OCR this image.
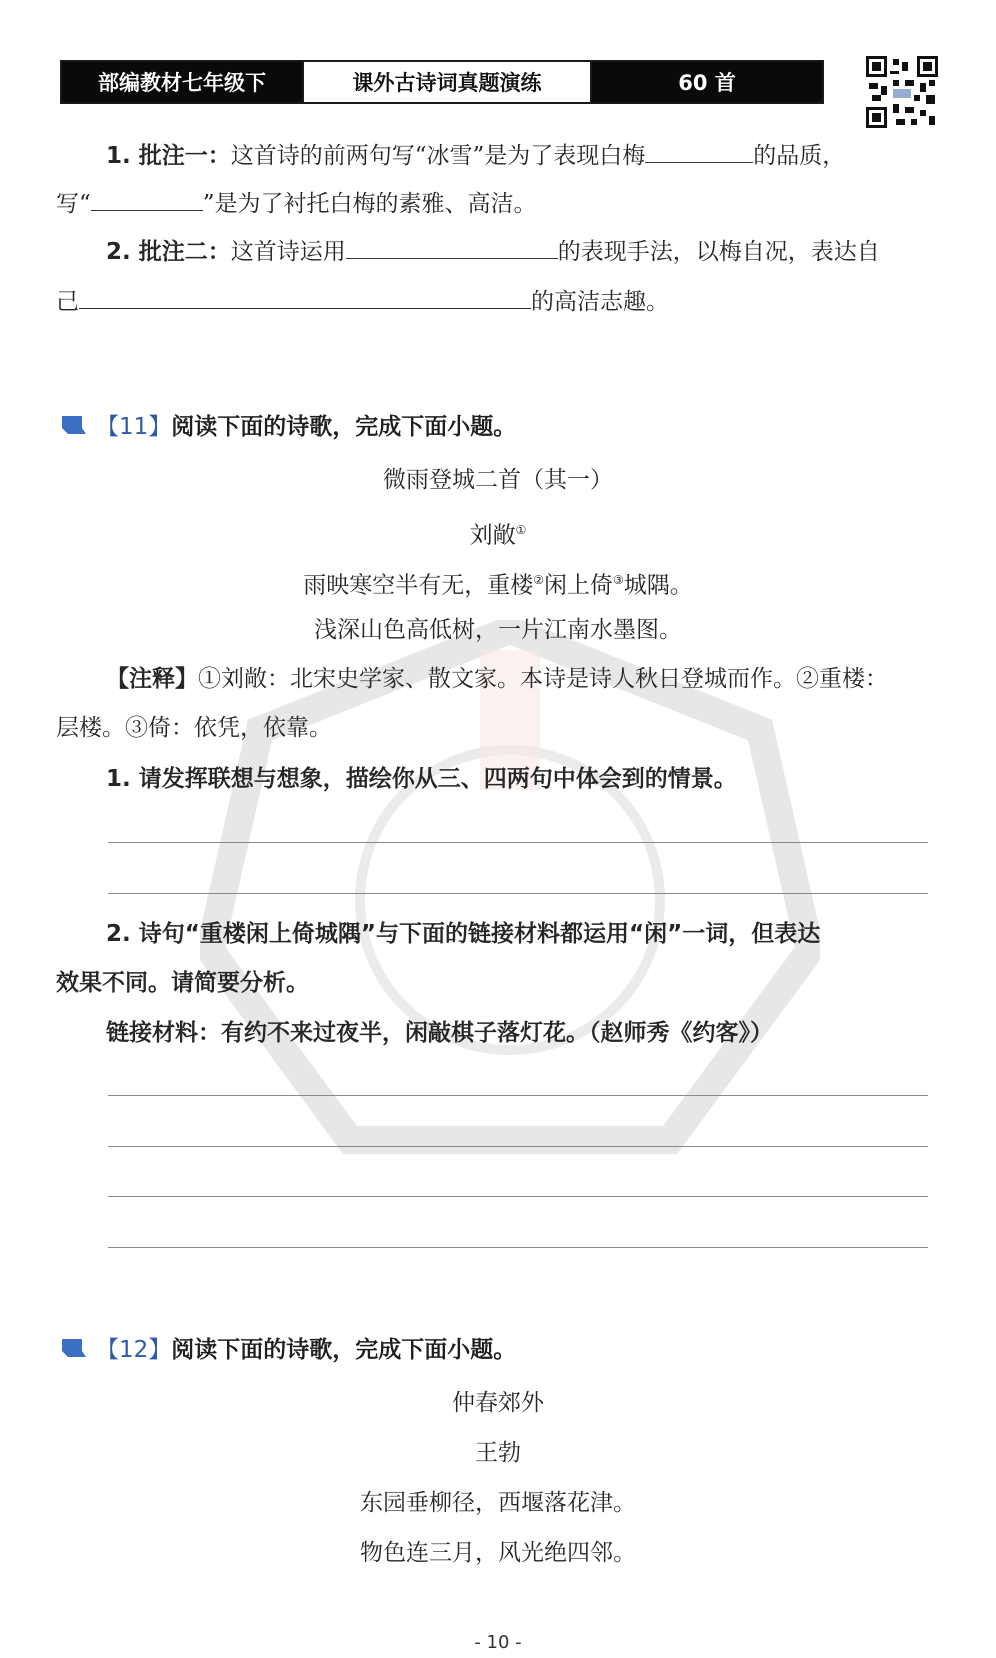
部编教材七年级下	课外古诗词真题演练	60 首
1. 批注一：这首诗的前两句写“冰雪”是为了表现白梅	的品质，
写“	”是为了衬托白梅的素雅、高洁。
2. 批注二：这首诗运用	的表现手法，以梅自况，表达自
己	的高洁志趣。
【11】阅读下面的诗歌，完成下面小题。
微雨登城二首（其一）
刘敞①
雨映寒空半有无，重楼②闲上倚③城隅。
浅深山色高低树，一片江南水墨图。
【注释】①刘敞：北宋史学家、散文家。本诗是诗人秋日登城而作。②重楼：
层楼。③倚：依凭，依靠。
1. 请发挥联想与想象，描绘你从三、四两句中体会到的情景。
2. 诗句“重楼闲上倚城隅”与下面的链接材料都运用“闲”一词，但表达
效果不同。请简要分析。
链接材料：有约不来过夜半，闲敲棋子落灯花。（赵师秀《约客》）
【12】阅读下面的诗歌，完成下面小题。
仲春郊外
王勃
东园垂柳径，西堰落花津。
物色连三月，风光绝四邻。
- 10 -
